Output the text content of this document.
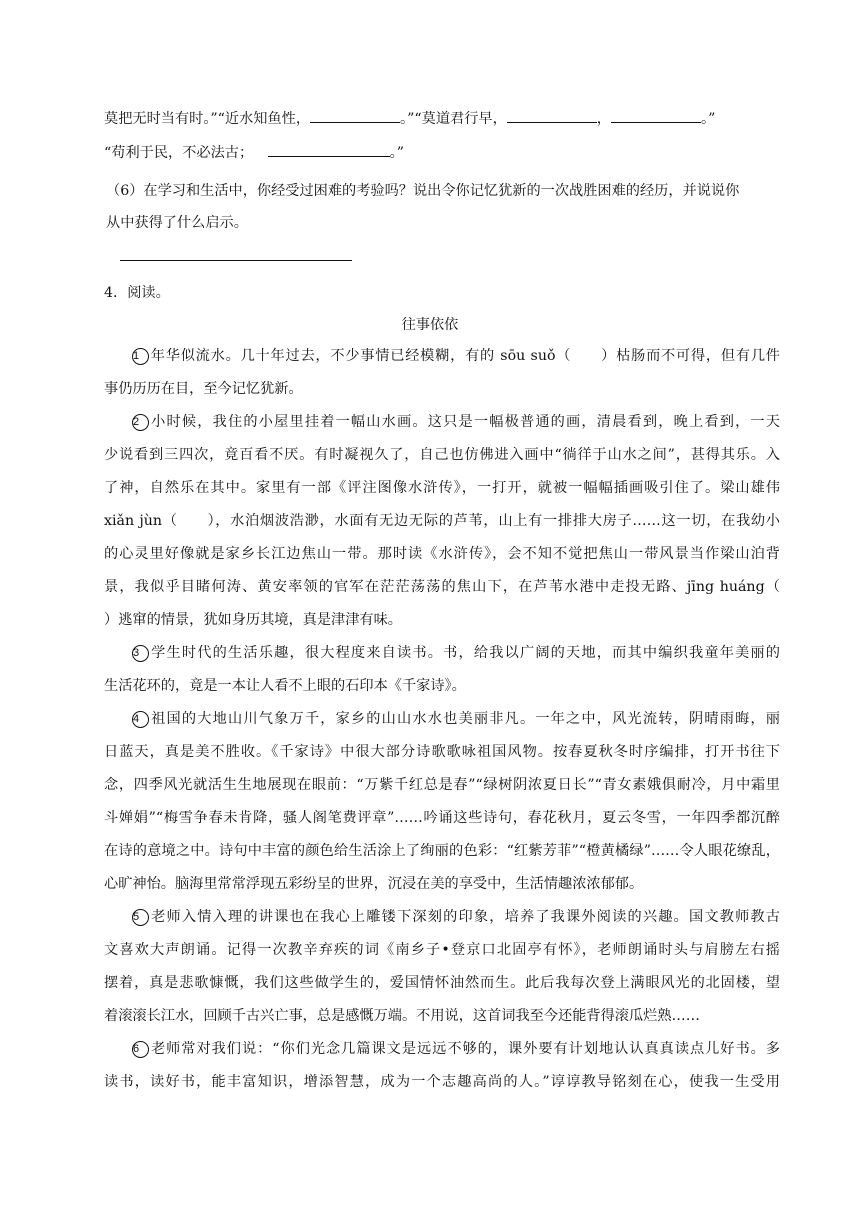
莫把无时当有时。”“近水知鱼性，	。”“莫道君行早，	，	。”
“苟利于民，不必法古；	。”
（6）在学习和生活中，你经受过困难的考验吗？说出令你记忆犹新的一次战胜困难的经历，并说说你
从中获得了什么启示。
4．阅读。
往事依依
1 年华似流水。几十年过去，不少事情已经模糊，有的 sōu suǒ（　　）枯肠而不可得，但有几件
事仍历历在目，至今记忆犹新。
2 小时候，我住的小屋里挂着一幅山水画。这只是一幅极普通的画，清晨看到，晚上看到，一天
少说看到三四次，竟百看不厌。有时凝视久了，自己也仿佛进入画中“徜徉于山水之间”，甚得其乐。入
了神，自然乐在其中。家里有一部《评注图像水浒传》，一打开，就被一幅幅插画吸引住了。梁山雄伟
xiǎn jùn（　　），水泊烟波浩渺，水面有无边无际的芦苇，山上有一排排大房子……这一切，在我幼小
的心灵里好像就是家乡长江边焦山一带。那时读《水浒传》，会不知不觉把焦山一带风景当作梁山泊背
景，我似乎目睹何涛、黄安率领的官军在茫茫荡荡的焦山下，在芦苇水港中走投无路、jīng huáng（
）逃窜的情景，犹如身历其境，真是津津有味。
3 学生时代的生活乐趣，很大程度来自读书。书，给我以广阔的天地，而其中编织我童年美丽的
生活花环的，竟是一本让人看不上眼的石印本《千家诗》。
4 祖国的大地山川气象万千，家乡的山山水水也美丽非凡。一年之中，风光流转，阴晴雨晦，丽
日蓝天，真是美不胜收。《千家诗》中很大部分诗歌歌咏祖国风物。按春夏秋冬时序编排，打开书往下
念，四季风光就活生生地展现在眼前：“万紫千红总是春”“绿树阴浓夏日长”“青女素娥俱耐冷，月中霜里
斗婵娟”“梅雪争春未肯降，骚人阁笔费评章”……吟诵这些诗句，春花秋月，夏云冬雪，一年四季都沉醉
在诗的意境之中。诗句中丰富的颜色给生活涂上了绚丽的色彩：“红紫芳菲”“橙黄橘绿”……令人眼花缭乱，
心旷神怡。脑海里常常浮现五彩纷呈的世界，沉浸在美的享受中，生活情趣浓浓郁郁。
5 老师入情入理的讲课也在我心上雕镂下深刻的印象，培养了我课外阅读的兴趣。国文教师教古
文喜欢大声朗诵。记得一次教辛弃疾的词《南乡子•登京口北固亭有怀》，老师朗诵时头与肩膀左右摇
摆着，真是悲歌慷慨，我们这些做学生的，爱国情怀油然而生。此后我每次登上满眼风光的北固楼，望
着滚滚长江水，回顾千古兴亡事，总是感慨万端。不用说，这首词我至今还能背得滚瓜烂熟……
6 老师常对我们说：“你们光念几篇课文是远远不够的，课外要有计划地认认真真读点儿好书。多
读书，读好书，能丰富知识，增添智慧，成为一个志趣高尚的人。”谆谆教导铭刻在心，使我一生受用
